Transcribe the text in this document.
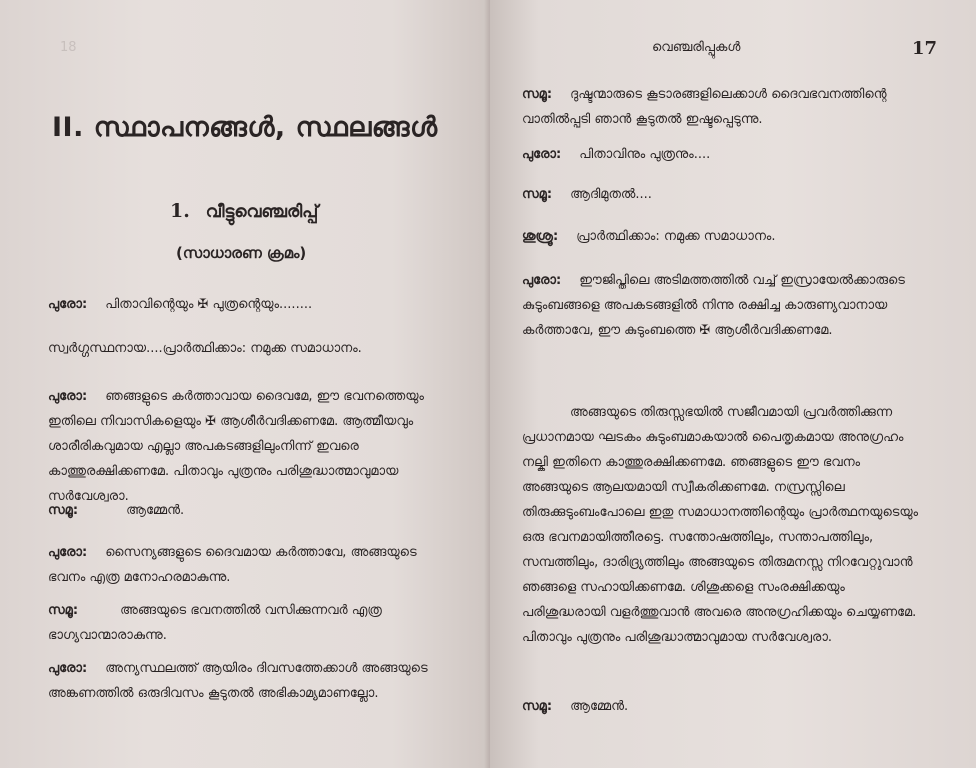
18
II. സ്ഥാപനങ്ങൾ, സ്ഥലങ്ങൾ
1. വീട്ടുവെഞ്ചരിപ്പ്
(സാധാരണ ക്രമം)
പുരോ: പിതാവിന്റെയും ✠ പുത്രന്റെയും........
സ്വർഗ്ഗസ്ഥനായ....പ്രാർത്ഥിക്കാം: നമുക്ക സമാധാനം.
പുരോ: ഞങ്ങളുടെ കർത്താവായ ദൈവമേ, ഈ ഭവനത്തെയും ഇതിലെ നിവാസികളെയും ✠ ആശീർവദിക്കണമേ. ആത്മീയവും ശാരീരികവുമായ എല്ലാ അപകടങ്ങളിലുംനിന്ന് ഇവരെ കാത്തുരക്ഷിക്കണമേ. പിതാവും പുത്രനും പരിശുദ്ധാത്മാവുമായ സർവേശ്വരാ.
സമൂ:	ആമ്മേൻ.
പുരോ: സൈന്യങ്ങളുടെ ദൈവമായ കർത്താവേ, അങ്ങയുടെ ഭവനം എത്ര മനോഹരമാകുന്നു.
സമൂ:	അങ്ങയുടെ ഭവനത്തിൽ വസിക്കുന്നവർ എത്ര ഭാഗ്യവാന്മാരാകുന്നു.
പുരോ: അന്യസ്ഥലത്ത് ആയിരം ദിവസത്തേക്കാൾ അങ്ങയുടെ അങ്കണത്തിൽ ഒരുദിവസം കൂടുതൽ അഭികാമ്യമാണല്ലോ.
വെഞ്ചരിപ്പുകൾ	17
സമൂ: ദുഷ്ടന്മാരുടെ കൂടാരങ്ങളിലെക്കാൾ ദൈവഭവനത്തിന്റെ വാതിൽപ്പടി ഞാൻ കൂടുതൽ ഇഷ്ടപ്പെടുന്നു.
പുരോ: പിതാവിനും പുത്രനും....
സമൂ: ആദിമുതൽ....
ശുശ്രൂ: പ്രാർത്ഥിക്കാം: നമുക്ക സമാധാനം.
പുരോ: ഈജിപ്തിലെ അടിമത്തത്തിൽ വച്ച് ഇസ്രായേൽക്കാരുടെ കുടുംബങ്ങളെ അപകടങ്ങളിൽ നിന്നു രക്ഷിച്ച കാരുണ്യവാനായ കർത്താവേ, ഈ കുടുംബത്തെ ✠ ആശീർവദിക്കണമേ.
അങ്ങയുടെ തിരുസ്സഭയിൽ സജീവമായി പ്രവർത്തിക്കുന്ന പ്രധാനമായ ഘടകം കുടുംബമാകയാൽ പൈതൃകമായ അനുഗ്രഹം നല്കി ഇതിനെ കാത്തുരക്ഷിക്കണമേ. ഞങ്ങളുടെ ഈ ഭവനം അങ്ങയുടെ ആലയമായി സ്വീകരിക്കണമേ. നസ്രസ്സിലെ തിരുക്കുടുംബംപോലെ ഇതു സമാധാനത്തിന്റെയും പ്രാർത്ഥനയുടെയും ഒരു ഭവനമായിത്തീരട്ടെ. സന്തോഷത്തിലും, സന്താപത്തിലും, സമ്പത്തിലും, ദാരിദ്ര്യത്തിലും അങ്ങയുടെ തിരുമനസ്സ നിറവേറ്റുവാൻ ഞങ്ങളെ സഹായിക്കണമേ. ശിശുക്കളെ സംരക്ഷിക്കയും പരിശുദ്ധരായി വളർത്തുവാൻ അവരെ അനുഗ്രഹിക്കയും ചെയ്യണമേ. പിതാവും പുത്രനും പരിശുദ്ധാത്മാവുമായ സർവേശ്വരാ.
സമൂ: ആമ്മേൻ.
